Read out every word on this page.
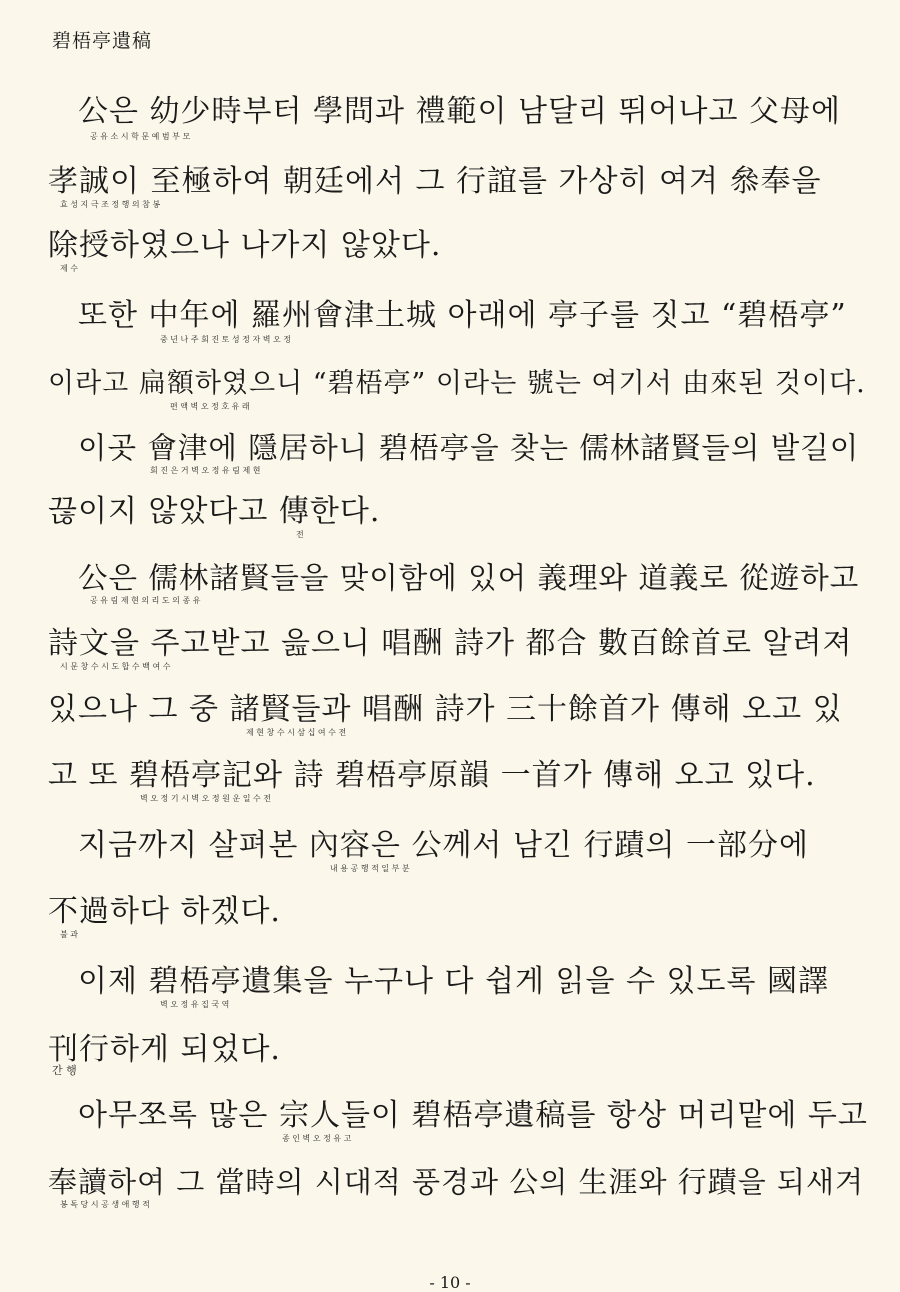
碧梧亭遺稿
公은 幼少時부터 學問과 禮範이 남달리 뛰어나고 父母에
공 유 소 시 학 문 예 범 부 모
孝誠이 至極하여 朝廷에서 그 行誼를 가상히 여겨 叅奉을
효 성 지 극 조 정 행 의 참 봉
除授하였으나 나가지 않았다.
제 수
또한 中年에 羅州會津土城 아래에 亭子를 짓고 “碧梧亭”
중 년 나 주 회 진 토 성 정 자 벽 오 정
이라고 扁額하였으니 “碧梧亭” 이라는 號는 여기서 由來된 것이다.
편 액 벽 오 정 호 유 래
이곳 會津에 隱居하니 碧梧亭을 찾는 儒林諸賢들의 발길이
회 진 은 거 벽 오 정 유 림 제 현
끊이지 않았다고 傳한다.
전
公은 儒林諸賢들을 맞이함에 있어 義理와 道義로 從遊하고
공 유 림 제 현 의 리 도 의 종 유
詩文을 주고받고 읊으니 唱酬 詩가 都合 數百餘首로 알려져
시 문 창 수 시 도 합 수 백 여 수
있으나 그 중 諸賢들과 唱酬 詩가 三十餘首가 傳해 오고 있
제 현 창 수 시 삼 십 여 수 전
고 또 碧梧亭記와 詩 碧梧亭原韻 一首가 傳해 오고 있다.
벽 오 정 기 시 벽 오 정 원 운 일 수 전
지금까지 살펴본 內容은 公께서 남긴 行蹟의 一部分에
내 용 공 행 적 일 부 분
不過하다 하겠다.
불 과
이제 碧梧亭遺集을 누구나 다 쉽게 읽을 수 있도록 國譯
벽 오 정 유 집 국 역
刊行하게 되었다.
간 행
아무쪼록 많은 宗人들이 碧梧亭遺稿를 항상 머리맡에 두고
종 인 벽 오 정 유 고
奉讀하여 그 當時의 시대적 풍경과 公의 生涯와 行蹟을 되새겨
봉 독 당 시 공 생 애 행 적
- 10 -
